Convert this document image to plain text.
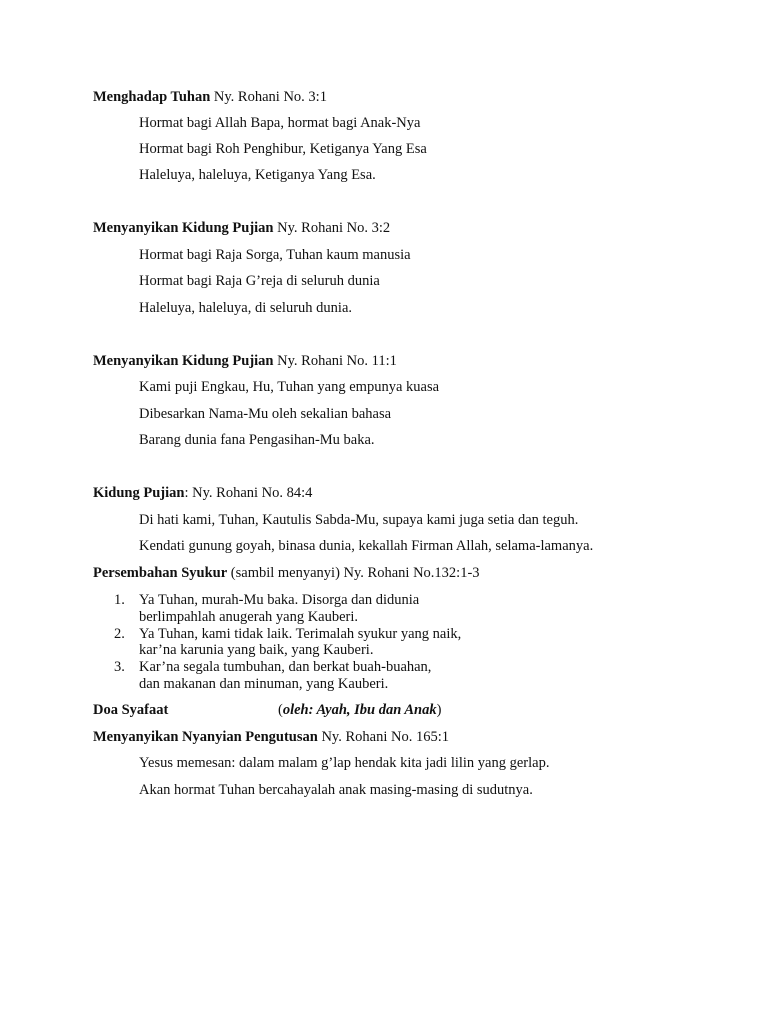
Menghadap Tuhan Ny. Rohani No. 3:1
Hormat bagi Allah Bapa, hormat bagi Anak-Nya
Hormat bagi Roh Penghibur, Ketiganya Yang Esa
Haleluya, haleluya, Ketiganya Yang Esa.
Menyanyikan Kidung Pujian Ny. Rohani No. 3:2
Hormat bagi Raja Sorga, Tuhan kaum manusia
Hormat bagi Raja G’reja di seluruh dunia
Haleluya, haleluya, di seluruh dunia.
Menyanyikan Kidung Pujian Ny. Rohani No. 11:1
Kami puji Engkau, Hu, Tuhan yang empunya kuasa
Dibesarkan Nama-Mu oleh sekalian bahasa
Barang dunia fana Pengasihan-Mu baka.
Kidung Pujian: Ny. Rohani No. 84:4
Di hati kami, Tuhan, Kautulis Sabda-Mu, supaya kami juga setia dan teguh.
Kendati gunung goyah, binasa dunia, kekallah Firman Allah, selama-lamanya.
Persembahan Syukur (sambil menyanyi) Ny. Rohani No.132:1-3
1. Ya Tuhan, murah-Mu baka. Disorga dan didunia
berlimpahlah anugerah yang Kauberi.
2. Ya Tuhan, kami tidak laik. Terimalah syukur yang naik,
kar’na karunia yang baik, yang Kauberi.
3. Kar’na segala tumbuhan, dan berkat buah-buahan,
dan makanan dan minuman, yang Kauberi.
Doa Syafaat	(oleh: Ayah, Ibu dan Anak)
Menyanyikan Nyanyian Pengutusan Ny. Rohani No. 165:1
Yesus memesan: dalam malam g’lap hendak kita jadi lilin yang gerlap.
Akan hormat Tuhan bercahayalah anak masing-masing di sudutnya.
